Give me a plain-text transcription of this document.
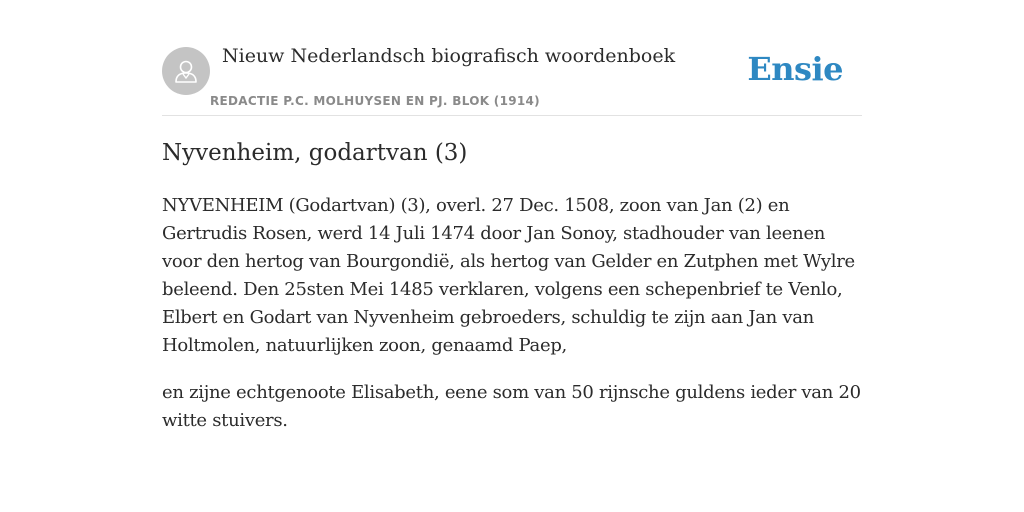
Nieuw Nederlandsch biografisch woordenboek
REDACTIE P.C. MOLHUYSEN EN PJ. BLOK (1914)
Ensie
Nyvenheim, godartvan (3)

NYVENHEIM (Godartvan) (3), overl. 27 Dec. 1508, zoon van Jan (2) en Gertrudis Rosen, werd 14 Juli 1474 door Jan Sonoy, stadhouder van leenen voor den hertog van Bourgondië, als hertog van Gelder en Zutphen met Wylre beleend. Den 25sten Mei 1485 verklaren, volgens een schepenbrief te Venlo, Elbert en Godart van Nyvenheim gebroeders, schuldig te zijn aan Jan van Holtmolen, natuurlijken zoon, genaamd Paep,

en zijne echtgenoote Elisabeth, eene som van 50 rijnsche guldens ieder van 20 witte stuivers.
